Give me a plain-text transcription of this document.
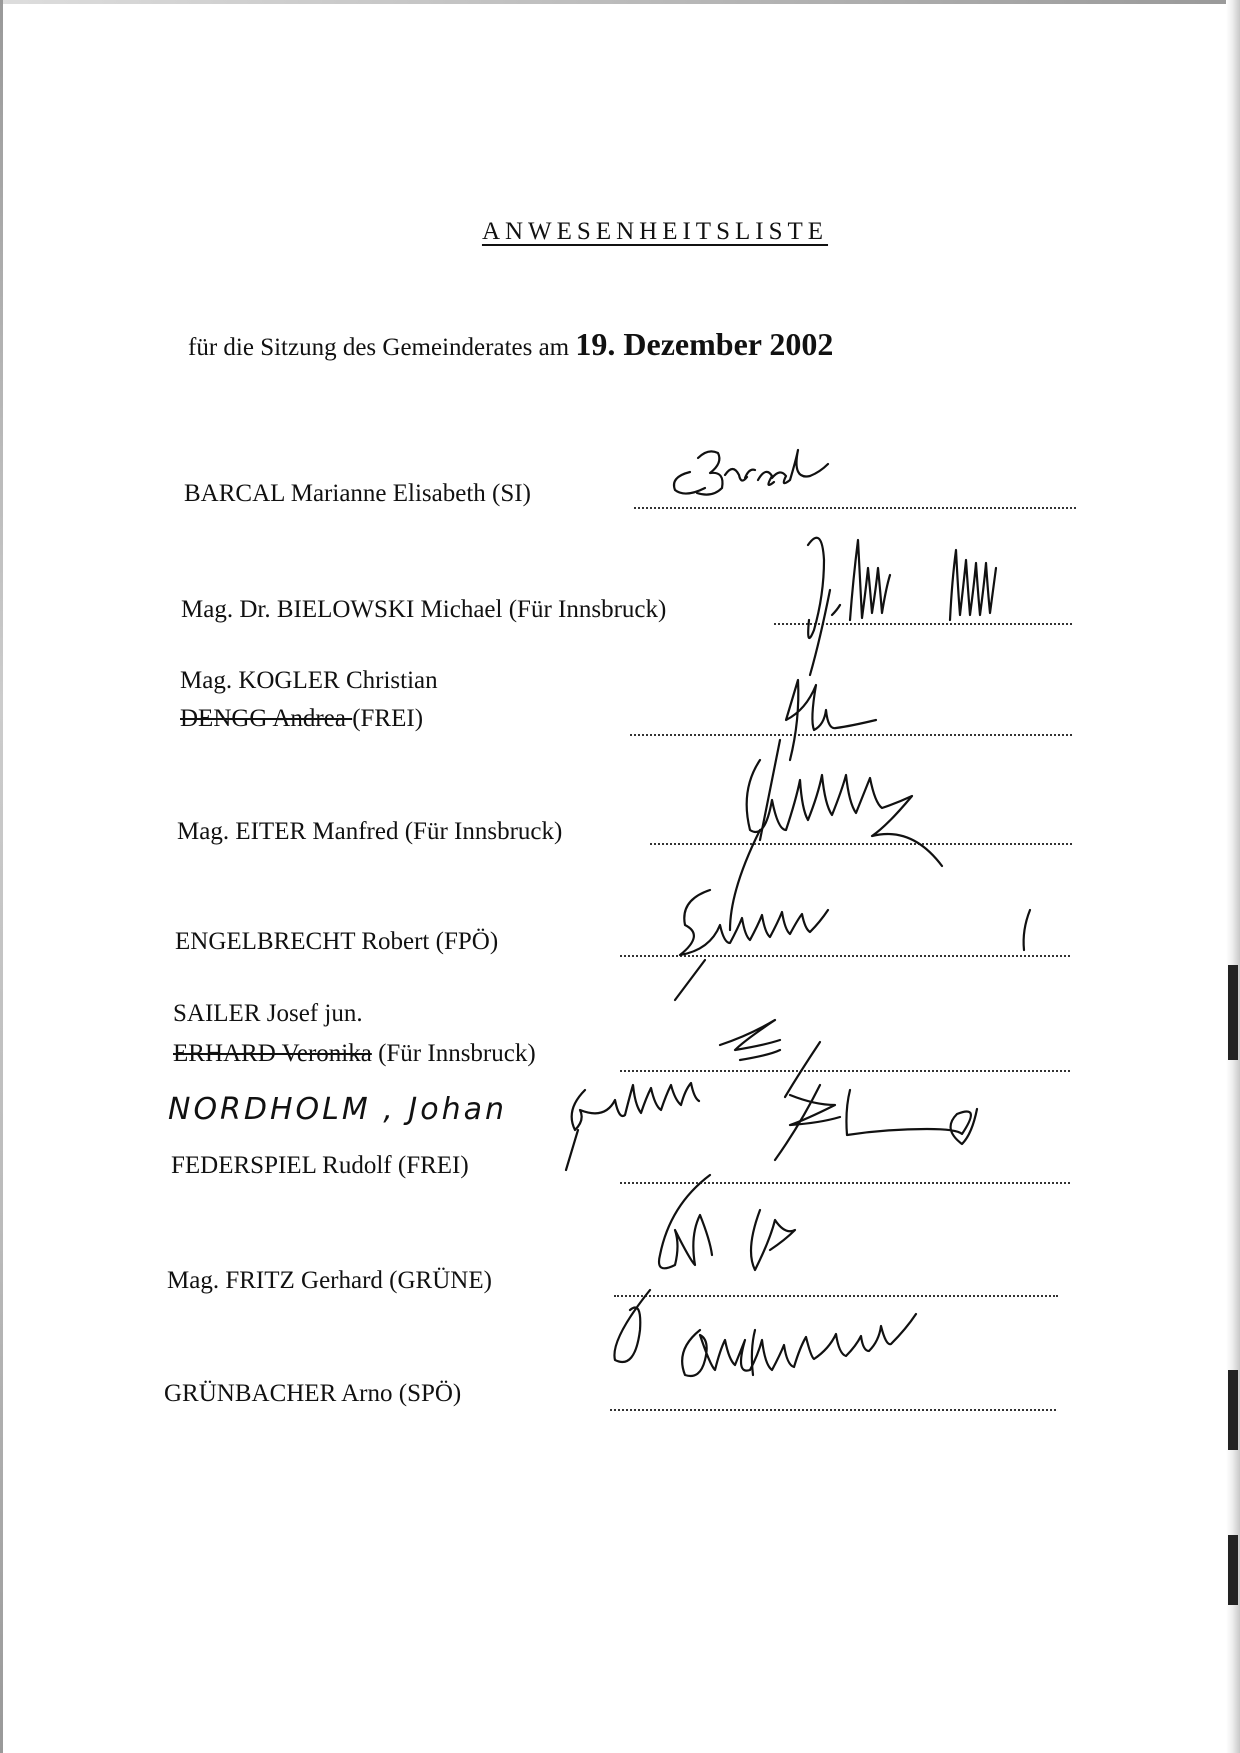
ANWESENHEITSLISTE
für die Sitzung des Gemeinderates am 19. Dezember 2002
BARCAL Marianne Elisabeth (SI)
Mag. Dr. BIELOWSKI Michael (Für Innsbruck)
Mag. KOGLER Christian
DENGG Andrea (FREI)
Mag. EITER Manfred (Für Innsbruck)
ENGELBRECHT Robert (FPÖ)
SAILER Josef jun.
ERHARD Veronika (Für Innsbruck)
NORDHOLM , Johan
FEDERSPIEL Rudolf (FREI)
Mag. FRITZ Gerhard (GRÜNE)
GRÜNBACHER Arno (SPÖ)
